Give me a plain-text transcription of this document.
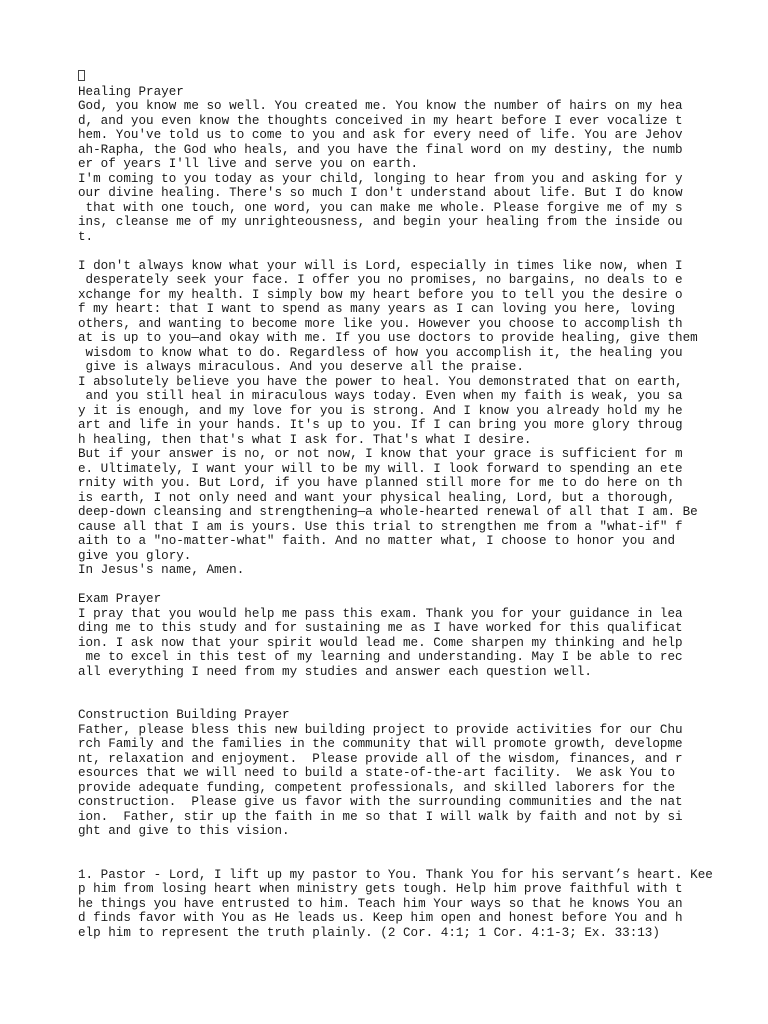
Healing Prayer
God, you know me so well. You created me. You know the number of hairs on my hea
d, and you even know the thoughts conceived in my heart before I ever vocalize t
hem. You've told us to come to you and ask for every need of life. You are Jehov
ah-Rapha, the God who heals, and you have the final word on my destiny, the numb
er of years I'll live and serve you on earth.
I'm coming to you today as your child, longing to hear from you and asking for y
our divine healing. There's so much I don't understand about life. But I do know
that with one touch, one word, you can make me whole. Please forgive me of my s
ins, cleanse me of my unrighteousness, and begin your healing from the inside ou
t.
I don't always know what your will is Lord, especially in times like now, when I
desperately seek your face. I offer you no promises, no bargains, no deals to e
xchange for my health. I simply bow my heart before you to tell you the desire o
f my heart: that I want to spend as many years as I can loving you here, loving
others, and wanting to become more like you. However you choose to accomplish th
at is up to you—and okay with me. If you use doctors to provide healing, give them
wisdom to know what to do. Regardless of how you accomplish it, the healing you
give is always miraculous. And you deserve all the praise.
I absolutely believe you have the power to heal. You demonstrated that on earth,
and you still heal in miraculous ways today. Even when my faith is weak, you sa
y it is enough, and my love for you is strong. And I know you already hold my he
art and life in your hands. It's up to you. If I can bring you more glory throug
h healing, then that's what I ask for. That's what I desire.
But if your answer is no, or not now, I know that your grace is sufficient for m
e. Ultimately, I want your will to be my will. I look forward to spending an ete
rnity with you. But Lord, if you have planned still more for me to do here on th
is earth, I not only need and want your physical healing, Lord, but a thorough,
deep-down cleansing and strengthening—a whole-hearted renewal of all that I am. Be
cause all that I am is yours. Use this trial to strengthen me from a "what-if" f
aith to a "no-matter-what" faith. And no matter what, I choose to honor you and
give you glory.
In Jesus's name, Amen.
Exam Prayer
I pray that you would help me pass this exam. Thank you for your guidance in lea
ding me to this study and for sustaining me as I have worked for this qualificat
ion. I ask now that your spirit would lead me. Come sharpen my thinking and help
me to excel in this test of my learning and understanding. May I be able to rec
all everything I need from my studies and answer each question well.
Construction Building Prayer
Father, please bless this new building project to provide activities for our Chu
rch Family and the families in the community that will promote growth, developme
nt, relaxation and enjoyment.  Please provide all of the wisdom, finances, and r
esources that we will need to build a state-of-the-art facility.  We ask You to
provide adequate funding, competent professionals, and skilled laborers for the
construction.  Please give us favor with the surrounding communities and the nat
ion.  Father, stir up the faith in me so that I will walk by faith and not by si
ght and give to this vision.
1. Pastor - Lord, I lift up my pastor to You. Thank You for his servant’s heart. Kee
p him from losing heart when ministry gets tough. Help him prove faithful with t
he things you have entrusted to him. Teach him Your ways so that he knows You an
d finds favor with You as He leads us. Keep him open and honest before You and h
elp him to represent the truth plainly. (2 Cor. 4:1; 1 Cor. 4:1-3; Ex. 33:13)
